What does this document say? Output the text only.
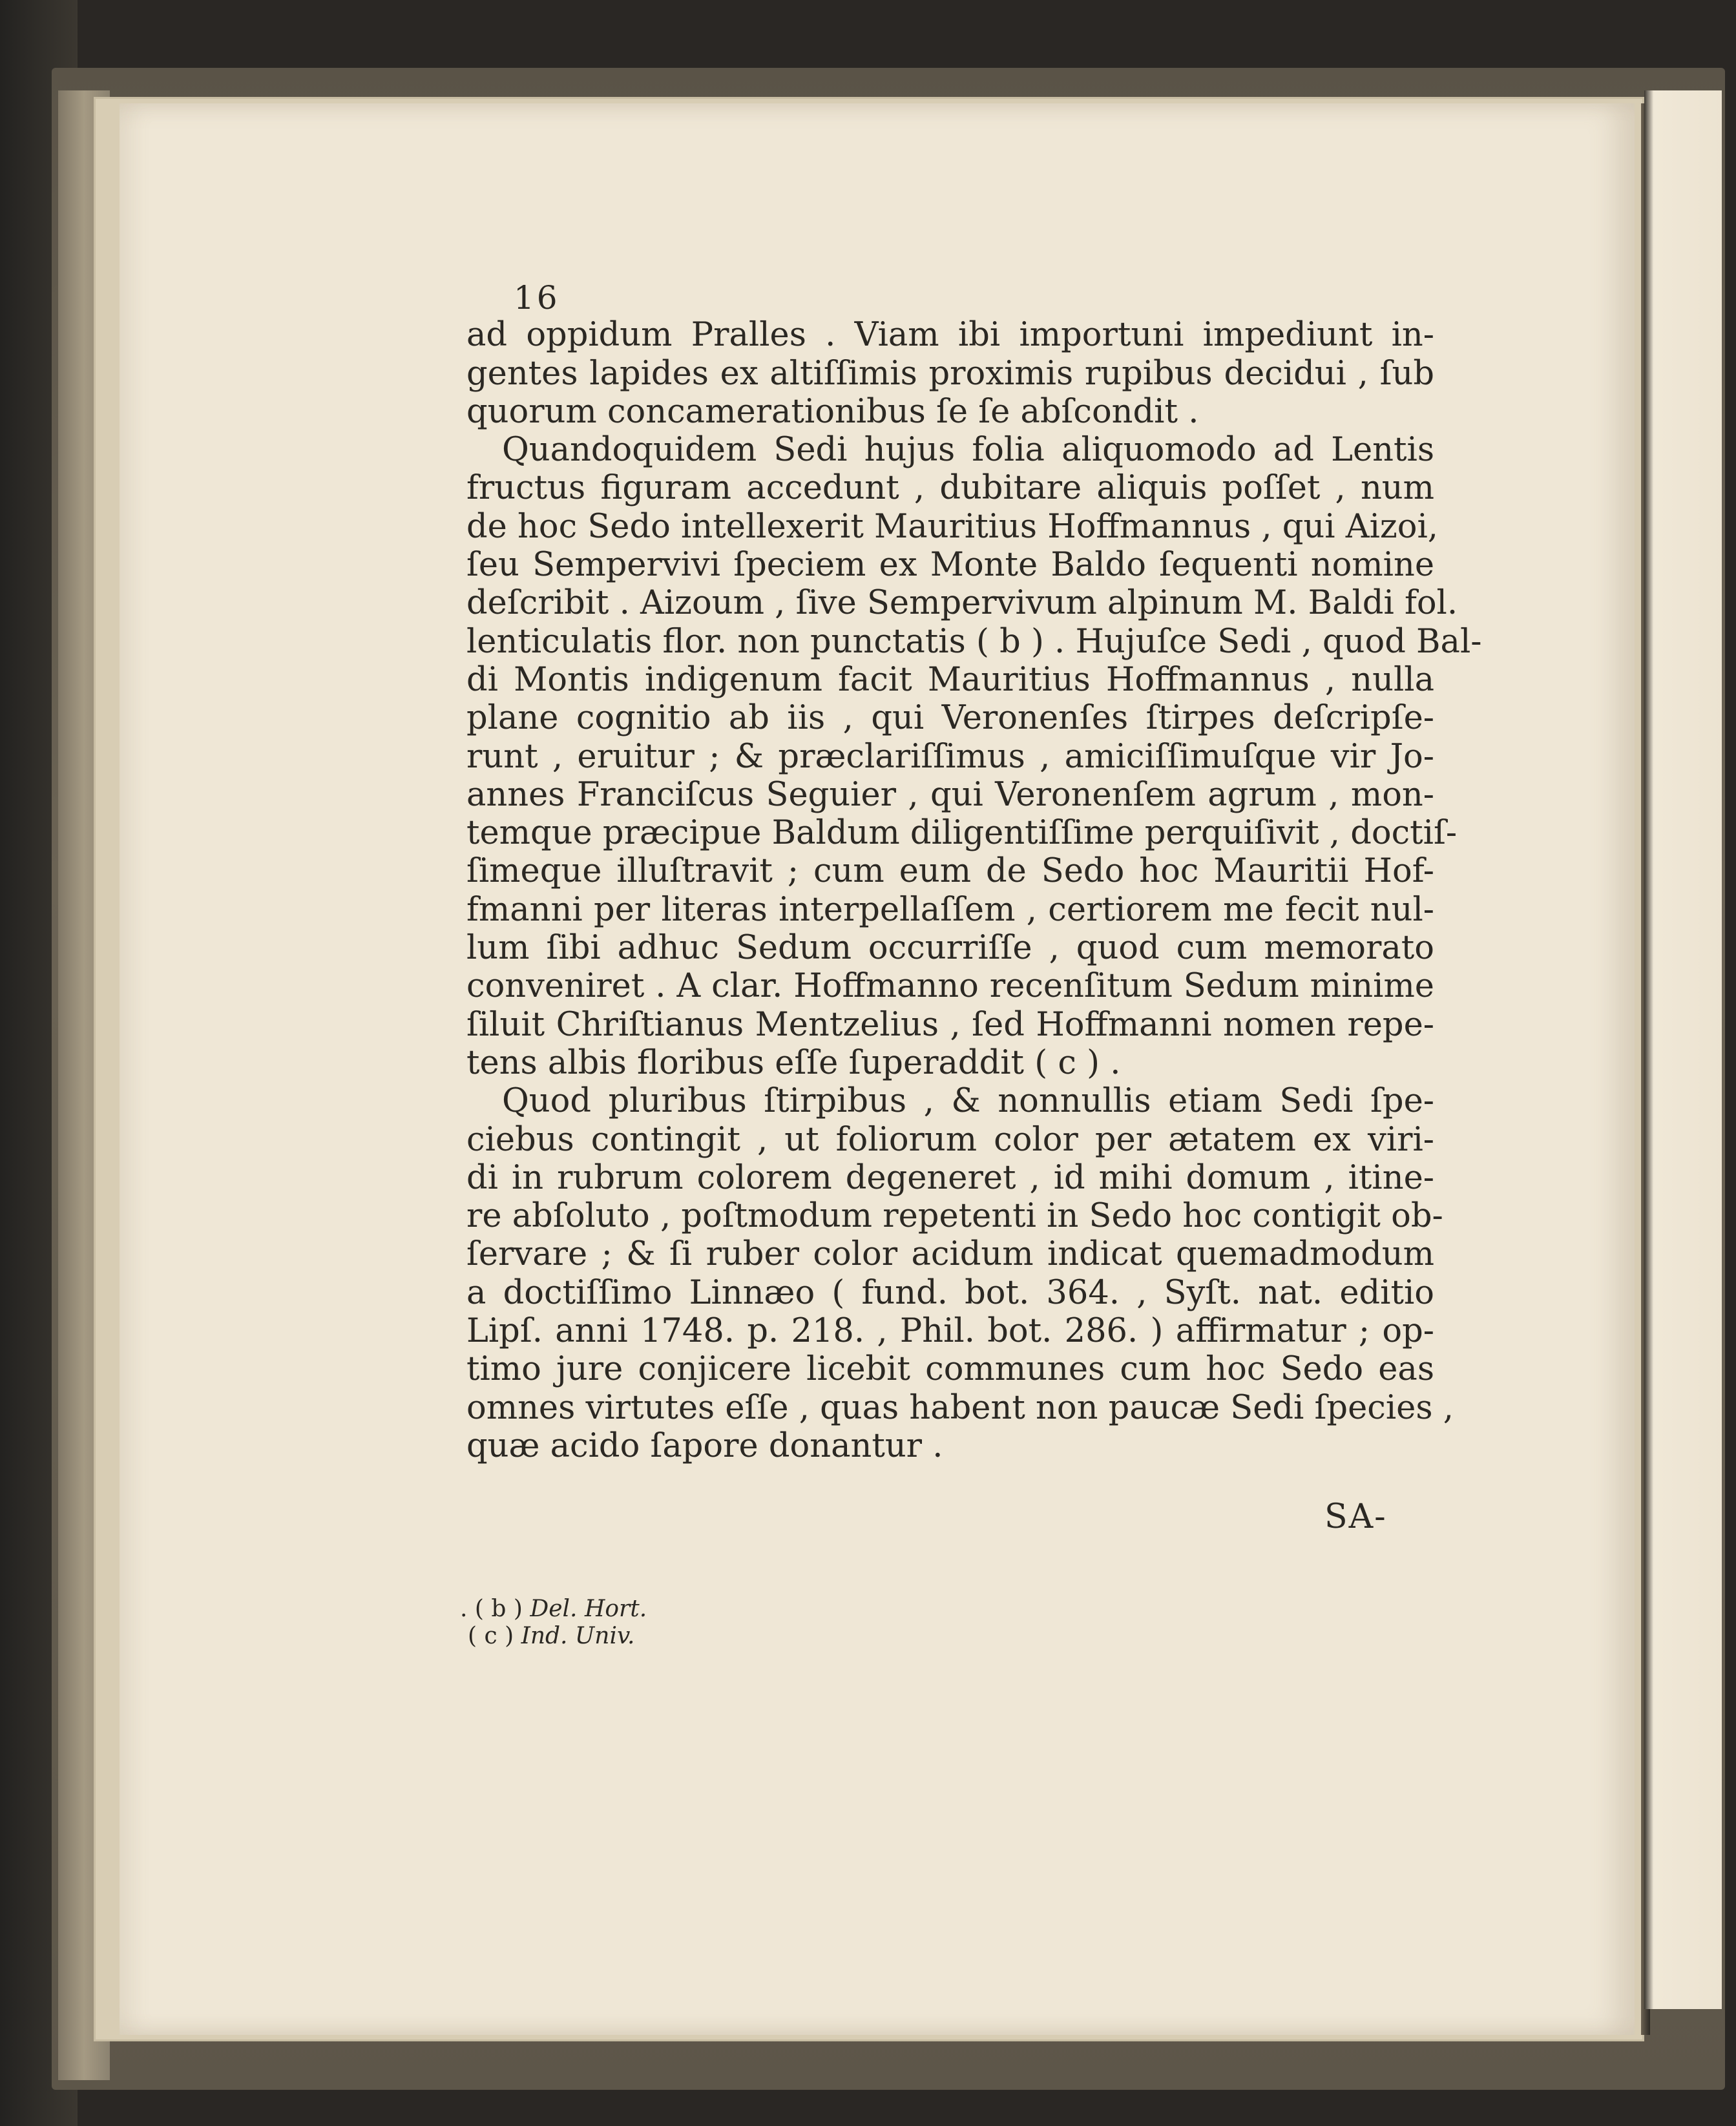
16
ad oppidum Pralles . Viam ibi importuni impediunt in-
gentes lapides ex altiſſimis proximis rupibus decidui , ſub
quorum concamerationibus ſe ſe abſcondit .
Quandoquidem Sedi hujus folia aliquomodo ad Lentis
fructus figuram accedunt , dubitare aliquis poſſet , num
de hoc Sedo intellexerit Mauritius Hoffmannus , qui Aizoi,
ſeu Sempervivi ſpeciem ex Monte Baldo ſequenti nomine
deſcribit . Aizoum , ſive Sempervivum alpinum M. Baldi fol.
lenticulatis flor. non punctatis ( b ) . Hujuſce Sedi , quod Bal-
di Montis indigenum facit Mauritius Hoffmannus , nulla
plane cognitio ab iis , qui Veronenſes ſtirpes deſcripſe-
runt , eruitur ; & præclariſſimus , amiciſſimuſque vir Jo-
annes Franciſcus Seguier , qui Veronenſem agrum , mon-
temque præcipue Baldum diligentiſſime perquiſivit , doctiſ-
ſimeque illuſtravit ; cum eum de Sedo hoc Mauritii Hof-
fmanni per literas interpellaſſem , certiorem me fecit nul-
lum ſibi adhuc Sedum occurriſſe , quod cum memorato
conveniret . A clar. Hoffmanno recenſitum Sedum minime
ſiluit Chriſtianus Mentzelius , ſed Hoffmanni nomen repe-
tens albis floribus eſſe ſuperaddit ( c ) .
Quod pluribus ſtirpibus , & nonnullis etiam Sedi ſpe-
ciebus contingit , ut foliorum color per ætatem ex viri-
di in rubrum colorem degeneret , id mihi domum , itine-
re abſoluto , poſtmodum repetenti in Sedo hoc contigit ob-
ſervare ; & ſi ruber color acidum indicat quemadmodum
a doctiſſimo Linnæo ( fund. bot. 364. , Syſt. nat. editio
Lipſ. anni 1748. p. 218. , Phil. bot. 286. ) affirmatur ; op-
timo jure conjicere licebit communes cum hoc Sedo eas
omnes virtutes eſſe , quas habent non paucæ Sedi ſpecies ,
quæ acido ſapore donantur .
SA-
. ( b ) Del. Hort.
( c ) Ind. Univ.
